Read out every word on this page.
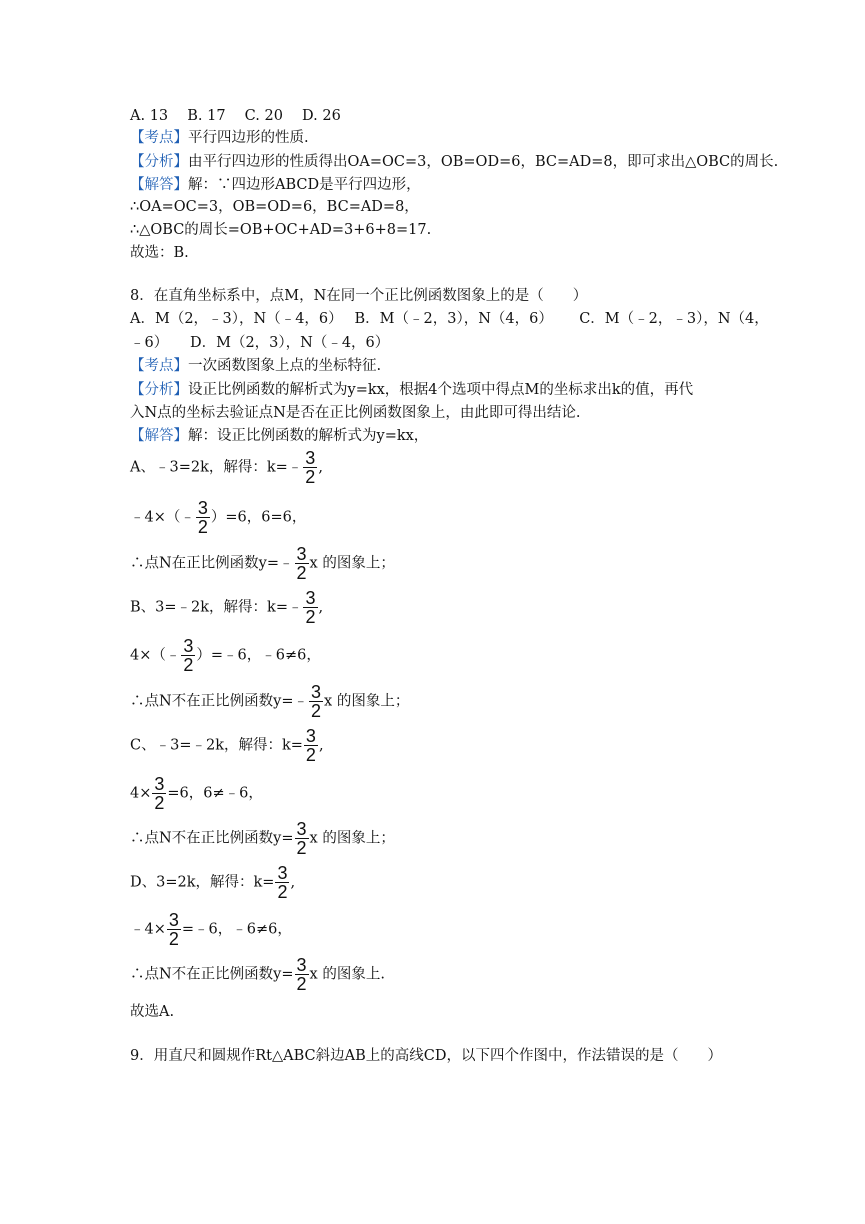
A. 13　 B. 17　 C. 20　 D. 26
【考点】平行四边形的性质.
【分析】由平行四边形的性质得出OA=OC=3，OB=OD=6，BC=AD=8，即可求出△OBC的周长.
【解答】解：∵四边形ABCD是平行四边形，
∴OA=OC=3，OB=OD=6，BC=AD=8，
∴△OBC的周长=OB+OC+AD=3+6+8=17.
故选：B.
8．在直角坐标系中，点M，N在同一个正比例函数图象上的是（　　）
A．M（2，﹣3），N（﹣4，6）　 B．M（﹣2，3），N（4，6）　　 C．M（﹣2，﹣3），N（4，
﹣6）　　D．M（2，3），N（﹣4，6）
【考点】一次函数图象上点的坐标特征.
【分析】设正比例函数的解析式为y=kx，根据4个选项中得点M的坐标求出k的值，再代
入N点的坐标去验证点N是否在正比例函数图象上，由此即可得出结论.
【解答】解：设正比例函数的解析式为y=kx，
A、﹣3=2k，解得：k=﹣ $\frac{3}{2}$ ,
﹣4×（﹣ $\frac{3}{2} )=6$，6=6，
∴点N在正比例函数y=﹣ $\frac{3}{2}$ x 的图象上；
B、3=﹣2k，解得：k=﹣ $\frac{3}{2}$ ,
4×（﹣ $\frac{3}{2}$ ）=﹣6，﹣6≠6，
∴点N不在正比例函数y=﹣ $\frac{3}{2}$ x 的图象上；
C、﹣3=﹣2k，解得：$k= \frac{3}{2}$ ,
$4\times \frac{3}{2} =6$，6≠﹣6，
∴点N不在正比例函数$y= \frac{3}{2}$ x 的图象上；
D、3=2k，解得：$k= \frac{3}{2}$ ,
﹣4× $\frac{3}{2}$ =﹣6，﹣6≠6，
∴点N不在正比例函数$y= \frac{3}{2}$ x 的图象上.
故选A.
9．用直尺和圆规作Rt△ABC斜边AB上的高线CD，以下四个作图中，作法错误的是（　　）
